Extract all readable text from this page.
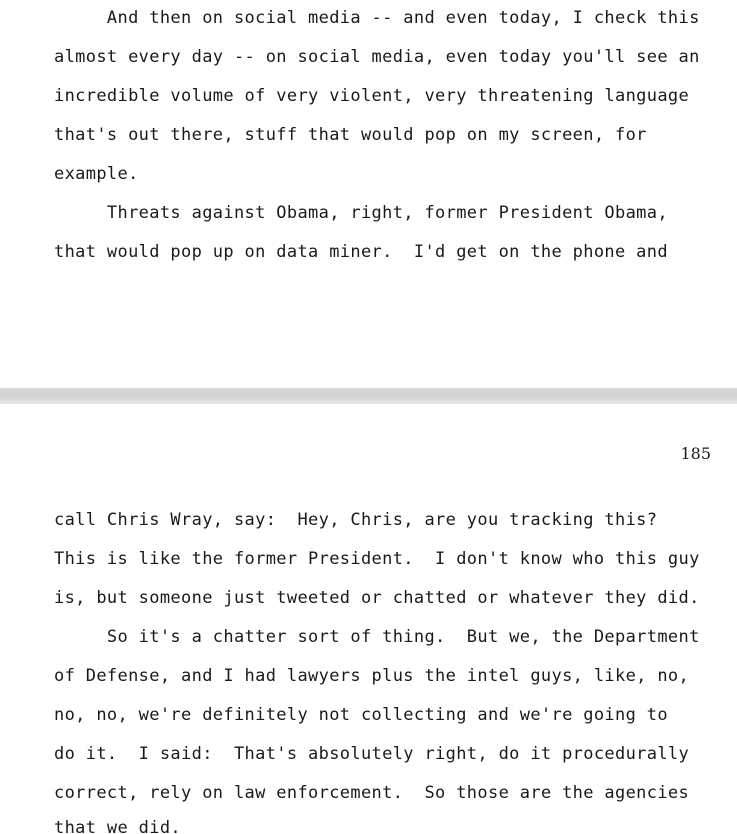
And then on social media -- and even today, I check this
almost every day -- on social media, even today you'll see an
incredible volume of very violent, very threatening language
that's out there, stuff that would pop on my screen, for
example.
Threats against Obama, right, former President Obama,
that would pop up on data miner.  I'd get on the phone and
185
call Chris Wray, say:  Hey, Chris, are you tracking this?
This is like the former President.  I don't know who this guy
is, but someone just tweeted or chatted or whatever they did.
So it's a chatter sort of thing.  But we, the Department
of Defense, and I had lawyers plus the intel guys, like, no,
no, no, we're definitely not collecting and we're going to
do it.  I said:  That's absolutely right, do it procedurally
correct, rely on law enforcement.  So those are the agencies
that we did.
